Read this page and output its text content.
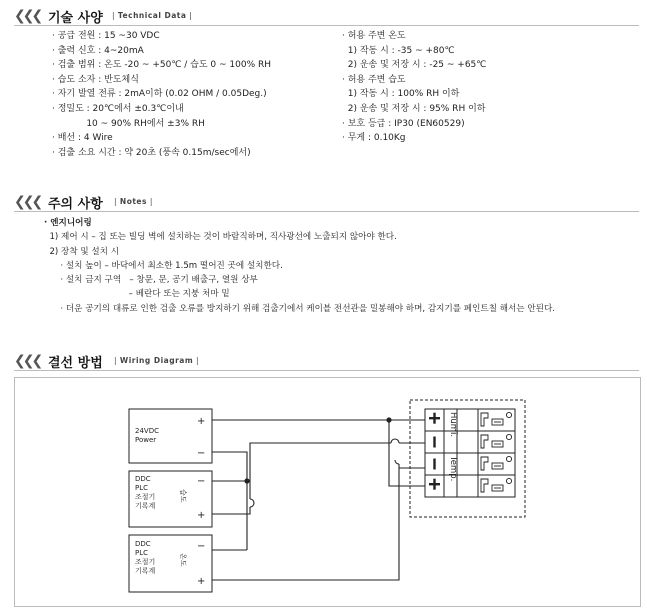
❮❮❮ 기술 사양 | Technical Data |
· 공급 전원 : 15 ~30 VDC
· 출력 신호 : 4~20mA
· 검출 범위 : 온도 -20 ~ +50℃ / 습도 0 ~ 100% RH
· 습도 소자 : 반도체식
· 자기 발열 전류 : 2mA이하 (0.02 OHM / 0.05Deg.)
· 정밀도 : 20℃에서 ±0.3℃이내
10 ~ 90% RH에서 ±3% RH
· 배선 : 4 Wire
· 검출 소요 시간 : 약 20초 (풍속 0.15m/sec에서)
· 허용 주변 온도
1) 작동 시 : -35 ~ +80℃
2) 운송 및 저장 시 : -25 ~ +65℃
· 허용 주변 습도
1) 작동 시 : 100% RH 이하
2) 운송 및 저장 시 : 95% RH 이하
· 보호 등급 : IP30 (EN60529)
· 무게 : 0.10Kg
❮❮❮ 주의 사항 | Notes |
· 엔지니어링
1) 제어 시 – 집 또는 빌딩 벽에 설치하는 것이 바람직하며, 직사광선에 노출되지 않아야 한다.
2) 장착 및 설치 시
· 설치 높이 – 바닥에서 최소한 1.5m 떨어진 곳에 설치한다.
· 설치 금지 구역   – 창문, 문, 공기 배출구, 열원 상부
– 베란다 또는 지붕 처마 밑
· 더운 공기의 대류로 인한 검출 오류를 방지하기 위해 검출기에서 케이블 전선관을 밀봉해야 하며, 감지기를 페인트칠 해서는 안된다.
❮❮❮ 결선 방법 | Wiring Diagram |
24VDC
Power
DDC
PLC
조절기
기록계
DDC
PLC
조절기
기록계
습도
온도
+
−
−
+
−
+
Humi.
Temp.
